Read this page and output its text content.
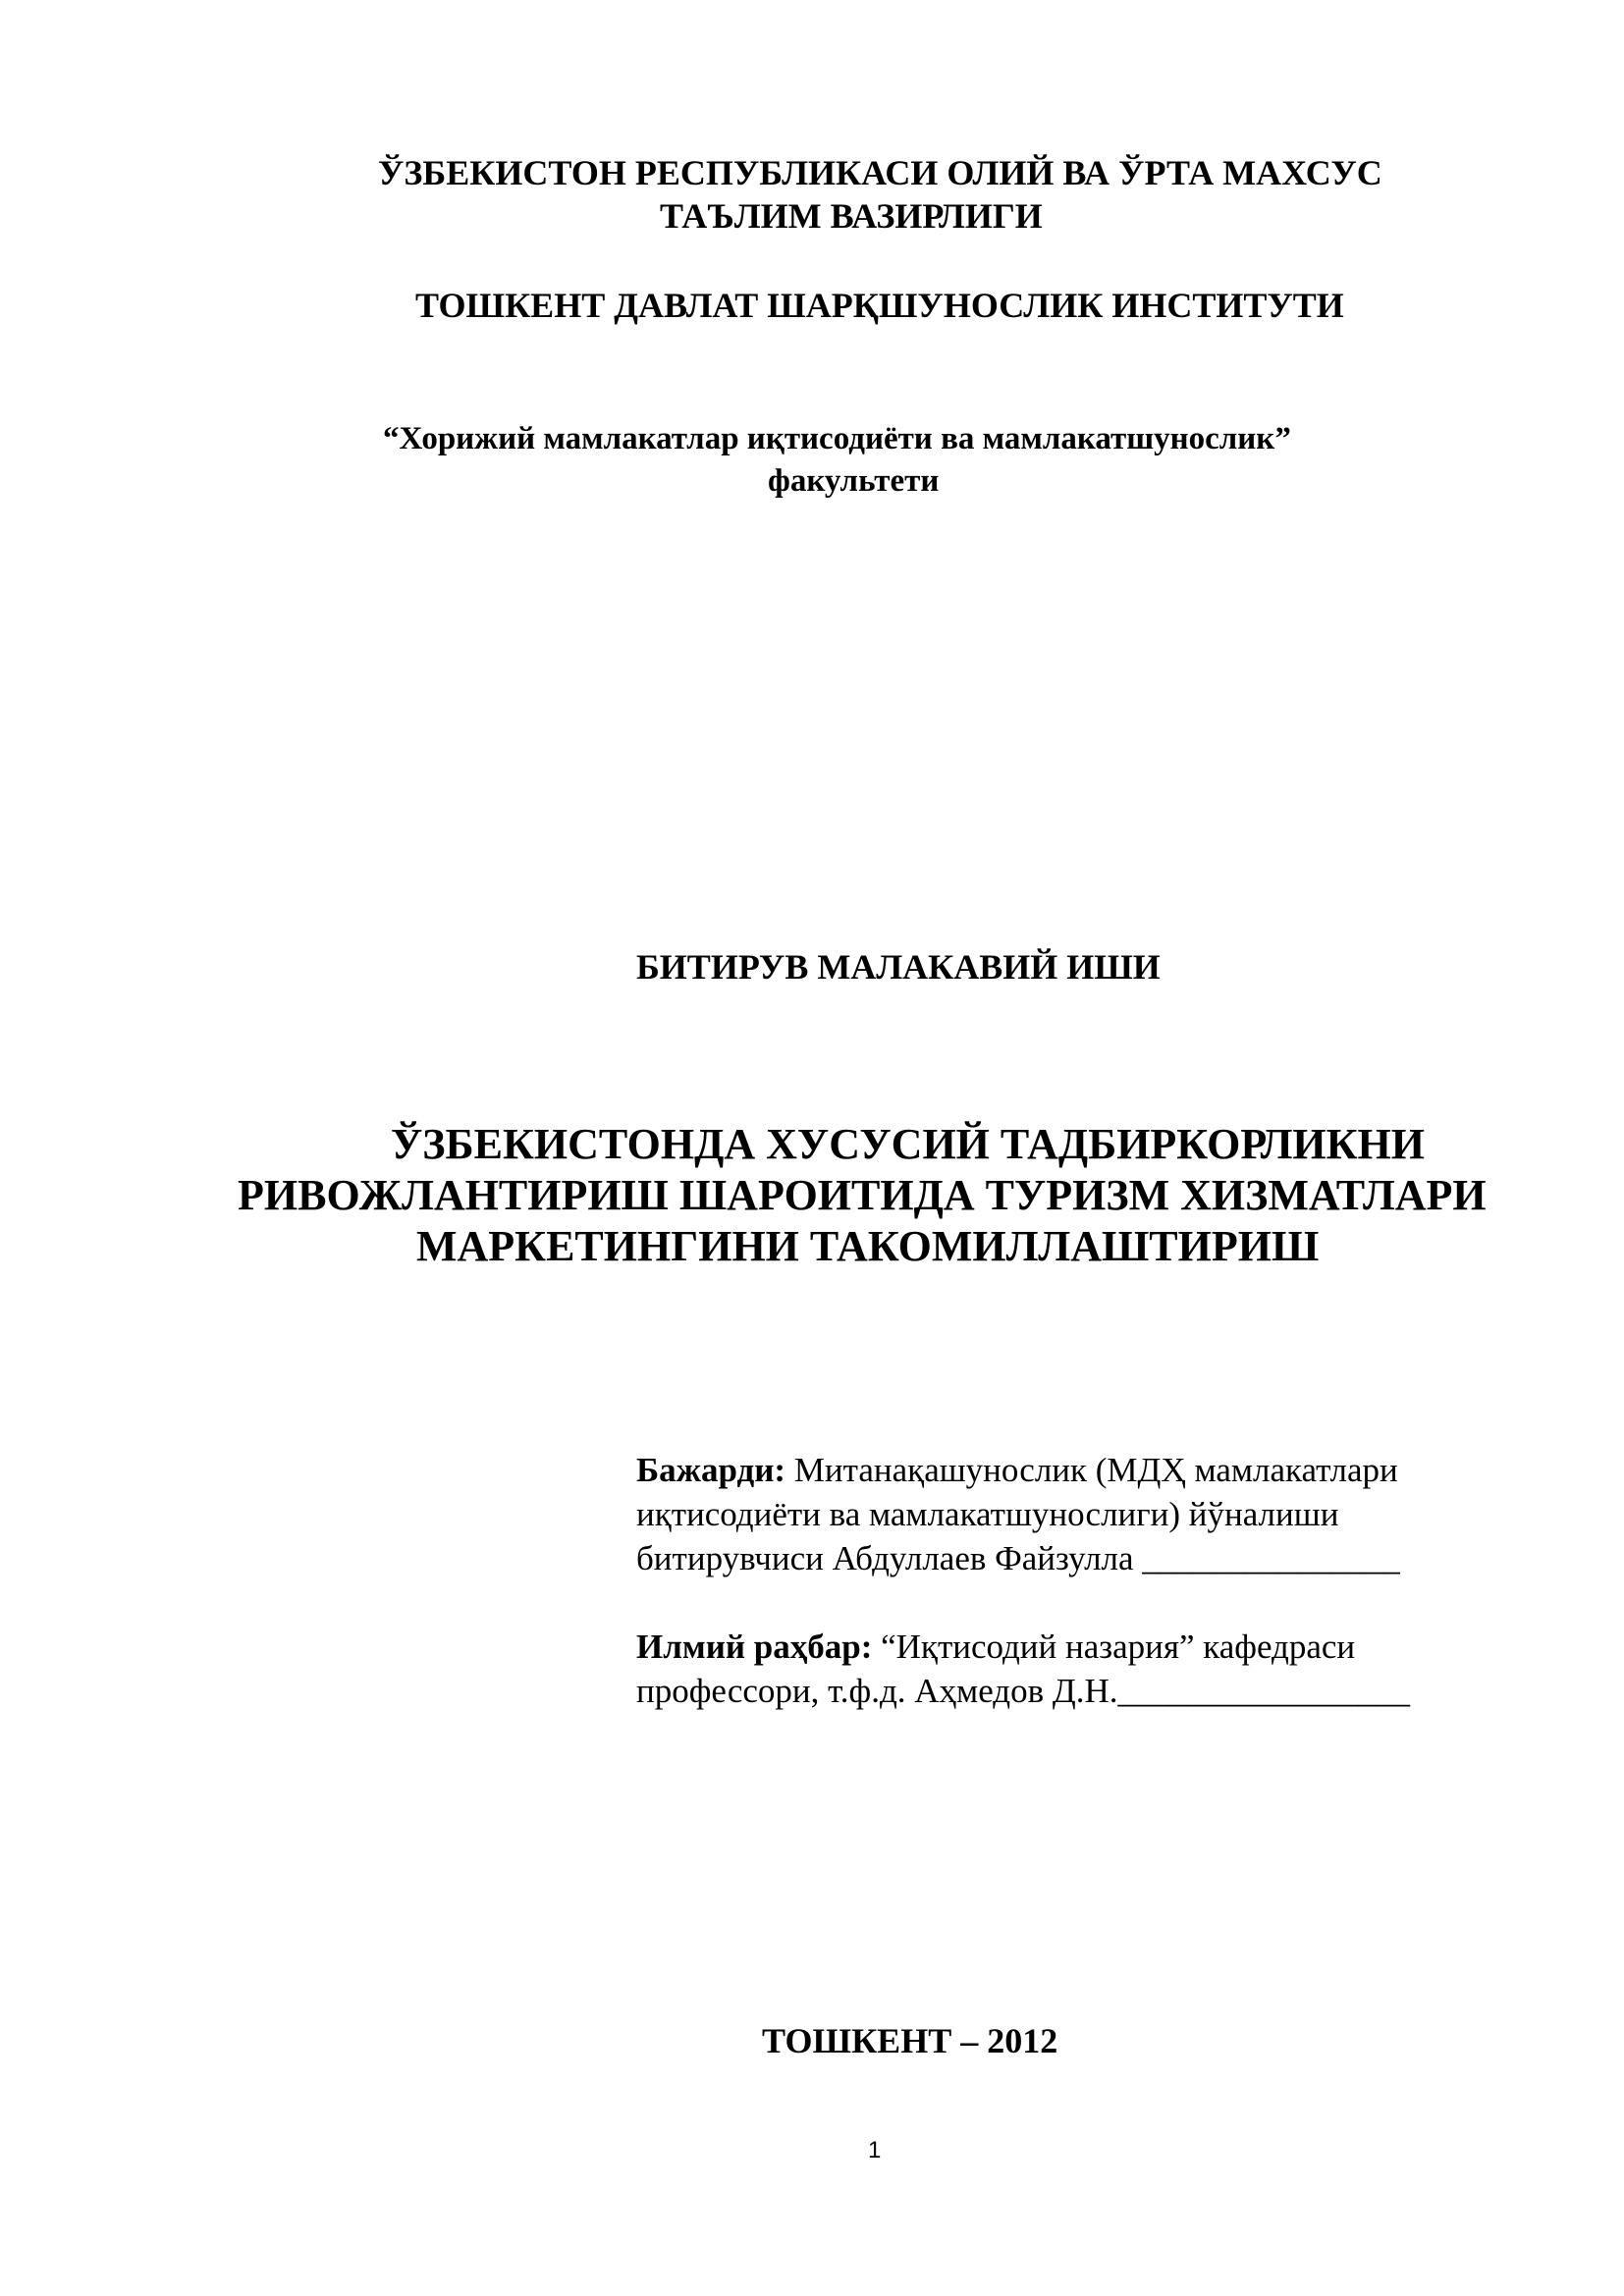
ЎЗБЕКИСТОН РЕСПУБЛИКАСИ ОЛИЙ ВА ЎРТА МАХСУС
ТАЪЛИМ ВАЗИРЛИГИ
ТОШКЕНТ ДАВЛАТ ШАРҚШУНОСЛИК ИНСТИТУТИ
“Хорижий мамлакатлар иқтисодиёти ва мамлакатшунослик”
факультети
БИТИРУВ МАЛАКАВИЙ ИШИ
ЎЗБЕКИСТОНДА ХУСУСИЙ ТАДБИРКОРЛИКНИ
РИВОЖЛАНТИРИШ ШАРОИТИДА ТУРИЗМ ХИЗМАТЛАРИ
МАРКЕТИНГИНИ ТАКОМИЛЛАШТИРИШ
Бажарди: Митанақашунослик (МДҲ мамлакатлари
иқтисодиёти ва мамлакатшунослиги) йўналиши
битирувчиси Абдуллаев Файзулла _______________
Илмий раҳбар: “Иқтисодий назария” кафедраси
профессори, т.ф.д. Аҳмедов Д.Н._________________
ТОШКЕНТ – 2012
1
